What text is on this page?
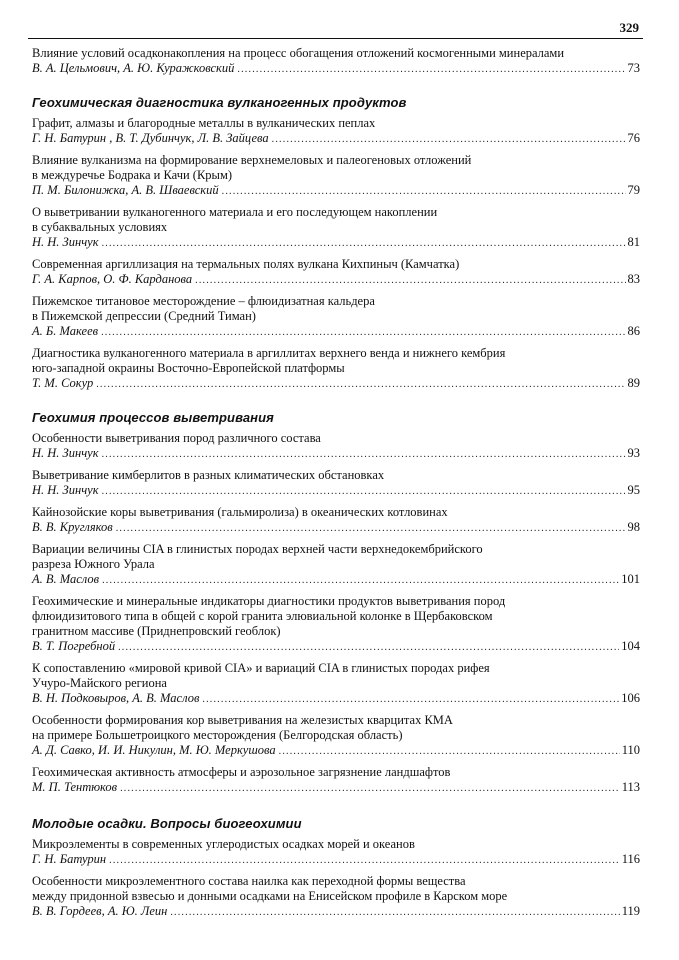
329
Влияние условий осадконакопления на процесс обогащения отложений космогенными минералами
В. А. Цельмович, А. Ю. Куражковский .....	73
Геохимическая диагностика вулканогенных продуктов
Графит, алмазы и благородные металлы в вулканических пеплах
Г. Н. Батурин , В. Т. Дубинчук, Л. В. Зайцева .....	76
Влияние вулканизма на формирование верхнемеловых и палеогеновых отложений
в междуречье Бодрака и Качи (Крым)
П. М. Билонижка, А. В. Шваевский .....	79
О выветривании вулканогенного материала и его последующем накоплении
в субаквальных условиях
Н. Н. Зинчук .....	81
Современная аргиллизация на термальных полях вулкана Кихпиныч (Камчатка)
Г. А. Карпов, О. Ф. Карданова .....	83
Пижемское титановое месторождение – флюидизатная кальдера
в Пижемской депрессии (Средний Тиман)
А. Б. Макеев .....	86
Диагностика вулканогенного материала в аргиллитах верхнего венда и нижнего кембрия
юго-западной окраины Восточно-Европейской платформы
Т. М. Сокур .....	89
Геохимия процессов выветривания
Особенности выветривания пород различного состава
Н. Н. Зинчук .....	93
Выветривание кимберлитов в разных климатических обстановках
Н. Н. Зинчук .....	95
Кайнозойские коры выветривания (гальмиролиза) в океанических котловинах
В. В. Кругляков .....	98
Вариации величины CIA в глинистых породах верхней части верхнедокембрийского
разреза Южного Урала
А. В. Маслов .....	101
Геохимические и минеральные индикаторы диагностики продуктов выветривания пород
флюидизитового типа в общей с корой гранита элювиальной колонке в Щербаковском
гранитном массиве (Приднепровский геоблок)
В. Т. Погребной .....	104
К сопоставлению «мировой кривой CIA» и вариаций CIA в глинистых породах рифея
Учуро-Майского региона
В. Н. Подковыров, А. В. Маслов .....	106
Особенности формирования кор выветривания на железистых кварцитах КМА
на примере Большетроицкого месторождения (Белгородская область)
А. Д. Савко, И. И. Никулин, М. Ю. Меркушова .....	110
Геохимическая активность атмосферы и аэрозольное загрязнение ландшафтов
М. П. Тентюков .....	113
Молодые осадки. Вопросы биогеохимии
Микроэлементы в современных углеродистых осадках морей и океанов
Г. Н. Батурин .....	116
Особенности микроэлементного состава наилка как переходной формы вещества
между придонной взвесью и донными осадками на Енисейском профиле в Карском море
В. В. Гордеев, А. Ю. Леин .....	119
